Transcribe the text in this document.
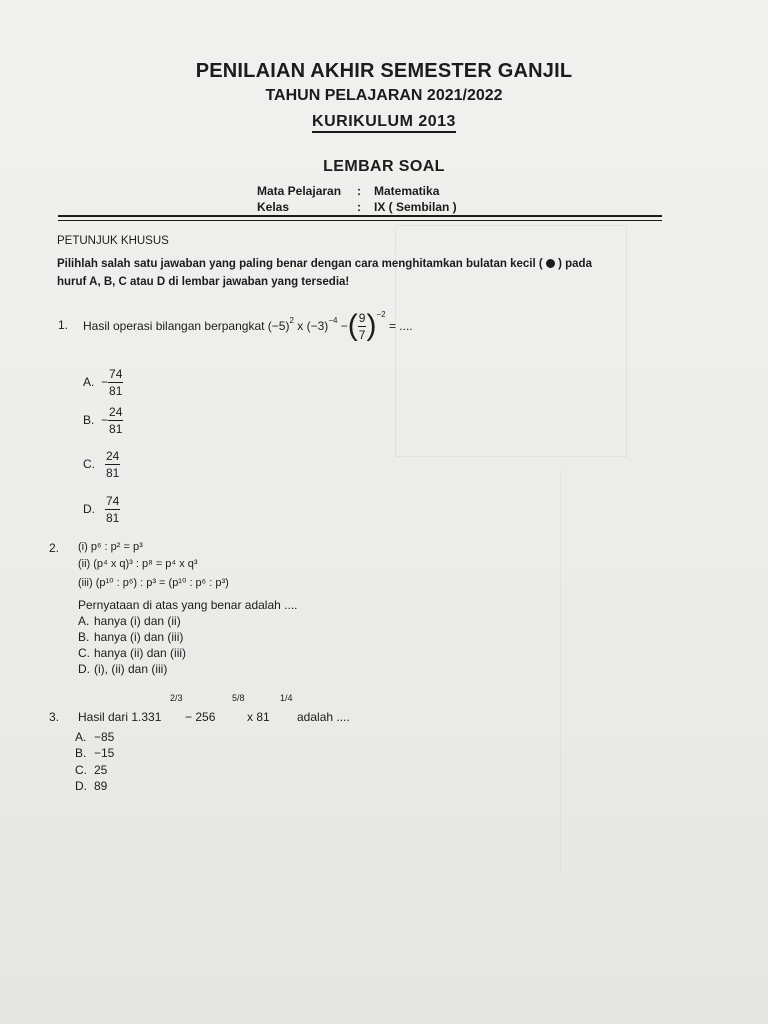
PENILAIAN AKHIR SEMESTER GANJIL
TAHUN PELAJARAN 2021/2022
KURIKULUM 2013
LEMBAR SOAL
Mata Pelajaran : Matematika
Kelas	: IX ( Sembilan )
PETUNJUK KHUSUS
Pilihlah salah satu jawaban yang paling benar dengan cara menghitamkan bulatan kecil ( ) pada
huruf A, B, C atau D di lembar jawaban yang tersedia!
1. Hasil operasi bilangan berpangkat
$(-5)^2$
x
$(-3)^{-4}$
− ( $\frac{9}{7} )^{-2}$

= ....
A. − $\frac{74}{81}$
B. − $\frac{24}{81}$
C. $\frac{24}{81}$
D. $\frac{74}{81}$
2. (i) p⁶ : p² = p³
(ii) (p⁴ x q)³ : p⁸ = p⁴ x q³
(iii) (p¹⁰ : p⁶) : p³ = (p¹⁰ : p⁶ : p³)
Pernyataan di atas yang benar adalah ....
A. hanya (i) dan (ii)
B. hanya (i) dan (iii)
C. hanya (ii) dan (iii)
D. (i), (ii) dan (iii)
3. Hasil dari 1.331
2/3
− 256
5/8
x 81
1/4
adalah ....
A. −85
B. −15
C. 25
D. 89
